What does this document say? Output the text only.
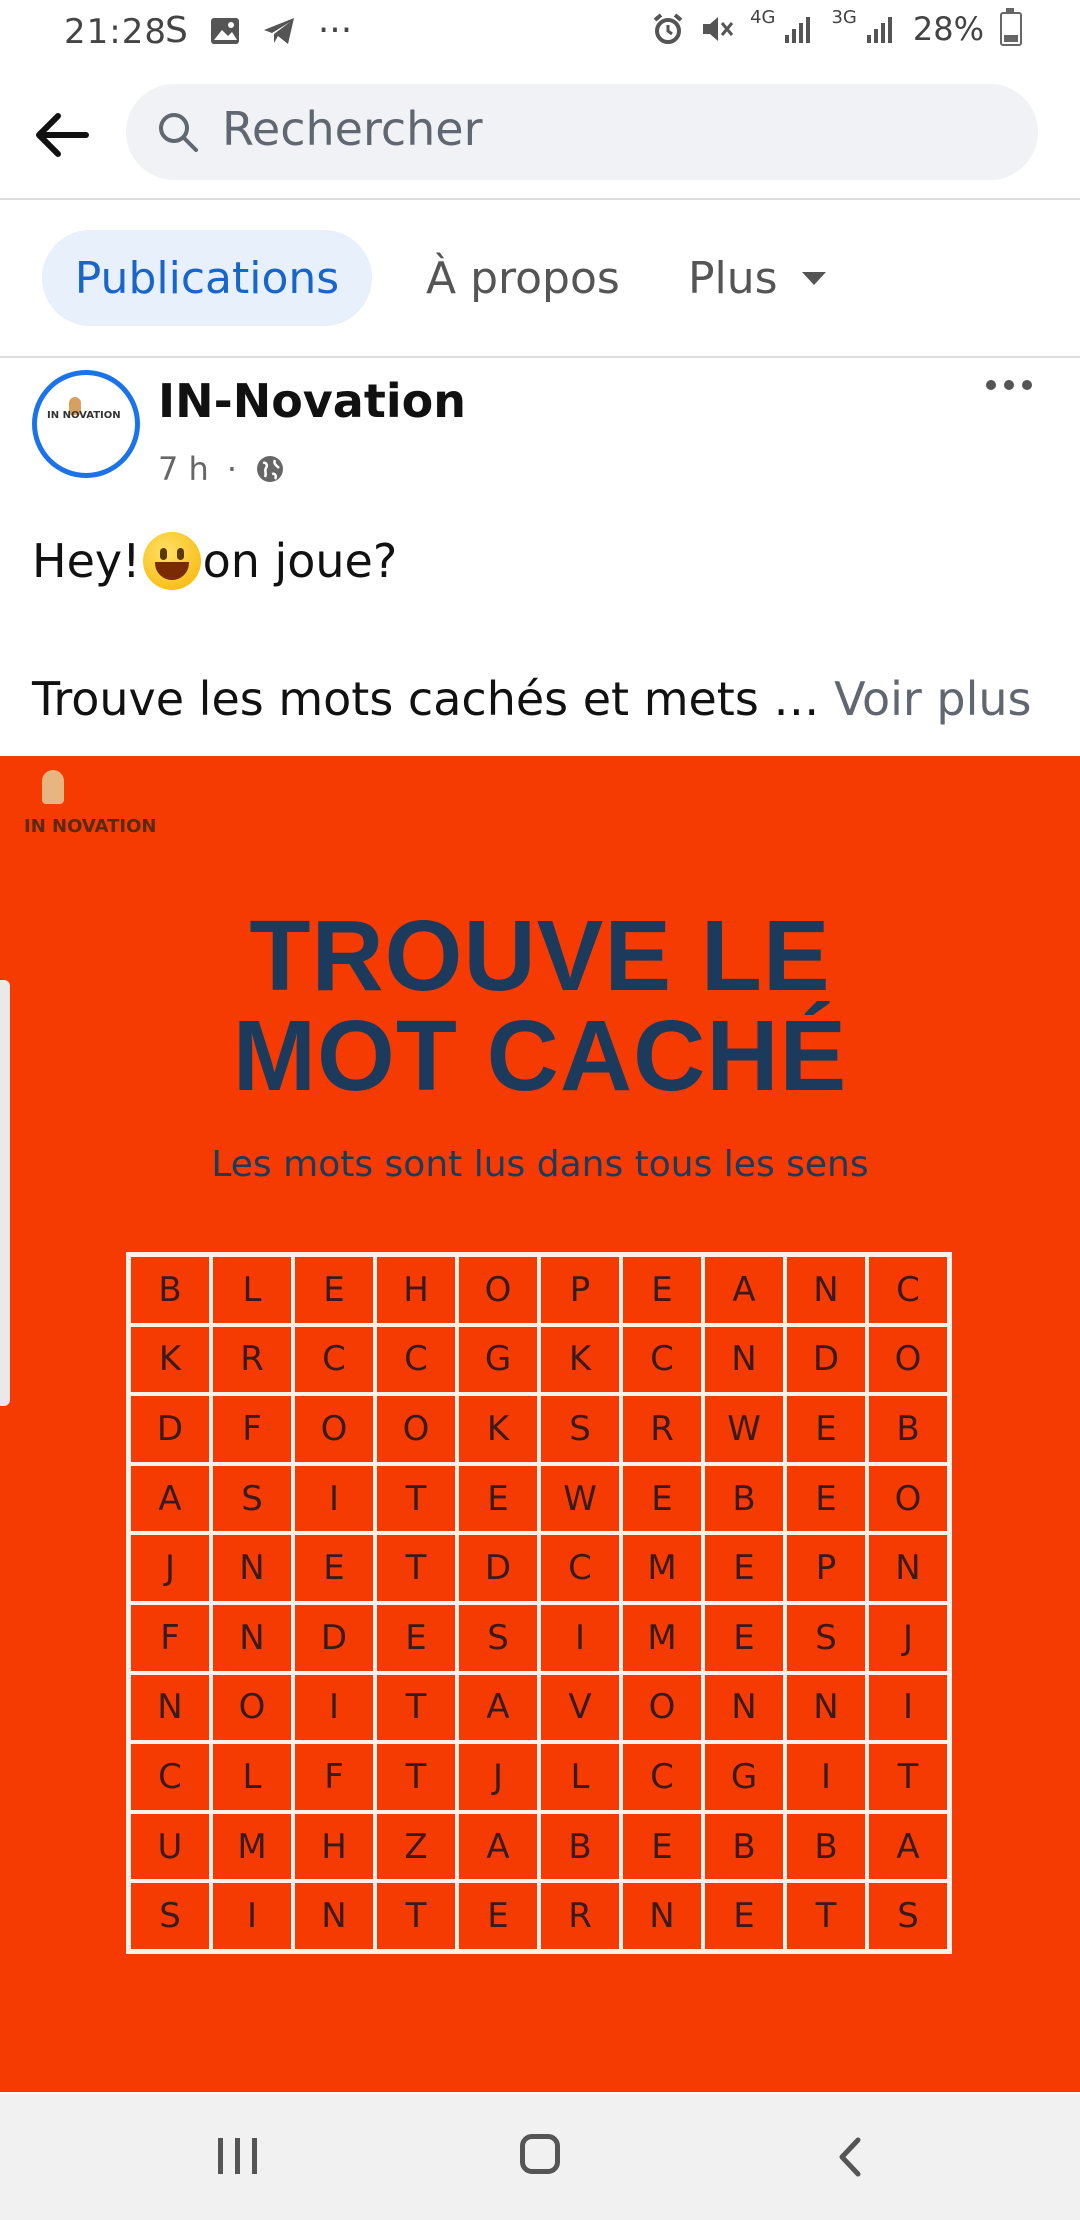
21:28
S	···	4G	3G 28%
Rechercher
Publications	À propos Plus
IN NOVATION IN-Novation
7 h ·
Hey! on joue?
Trouve les mots cachés et mets … Voir plus
IN NOVATION
TROUVE LE
MOT CACHÉ
Les mots sont lus dans tous les sens
B	L	E	H	O	P	E	A	N	C
K	R	C	C	G	K	C	N	D	O
D	F	O	O	K	S	R	W	E	B
A	S	I	T	E	W	E	B	E	O
J	N	E	T	D	C	M	E	P	N
F	N	D	E	S	I	M	E	S	J
N	O	I	T	A	V	O	N	N	I
C	L	F	T	J	L	C	G	I	T
U	M	H	Z	A	B	E	B	B	A
S	I	N	T	E	R	N	E	T	S
